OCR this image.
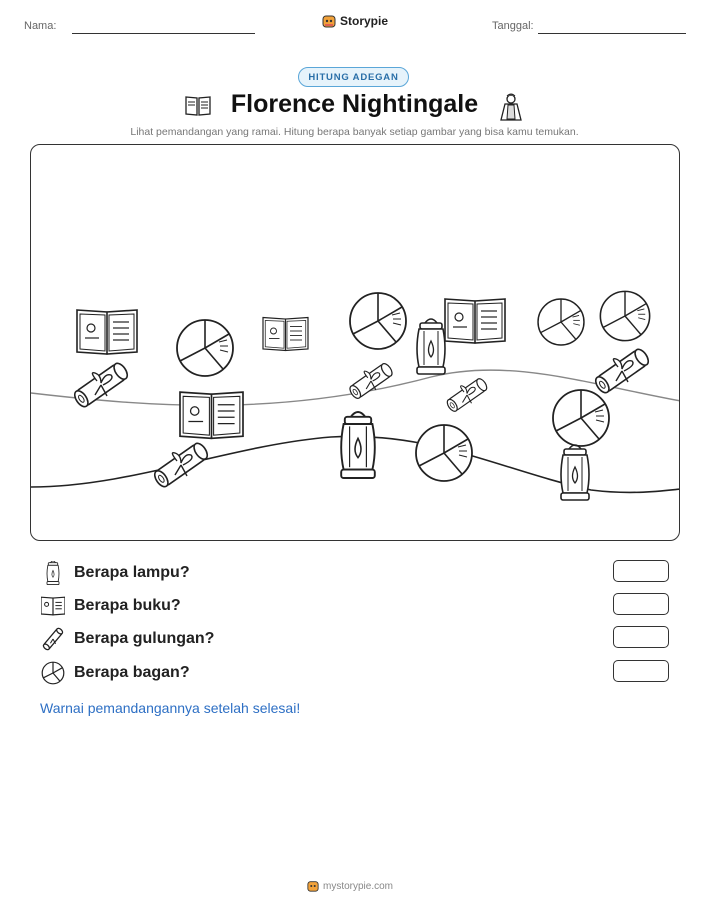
Nama:	Storypie	Tanggal:
HITUNG ADEGAN
Florence Nightingale
Lihat pemandangan yang ramai. Hitung berapa banyak setiap gambar yang bisa kamu temukan.
Berapa lampu?
Berapa buku?
Berapa gulungan?
Berapa bagan?
Warnai pemandangannya setelah selesai!
mystorypie.com
